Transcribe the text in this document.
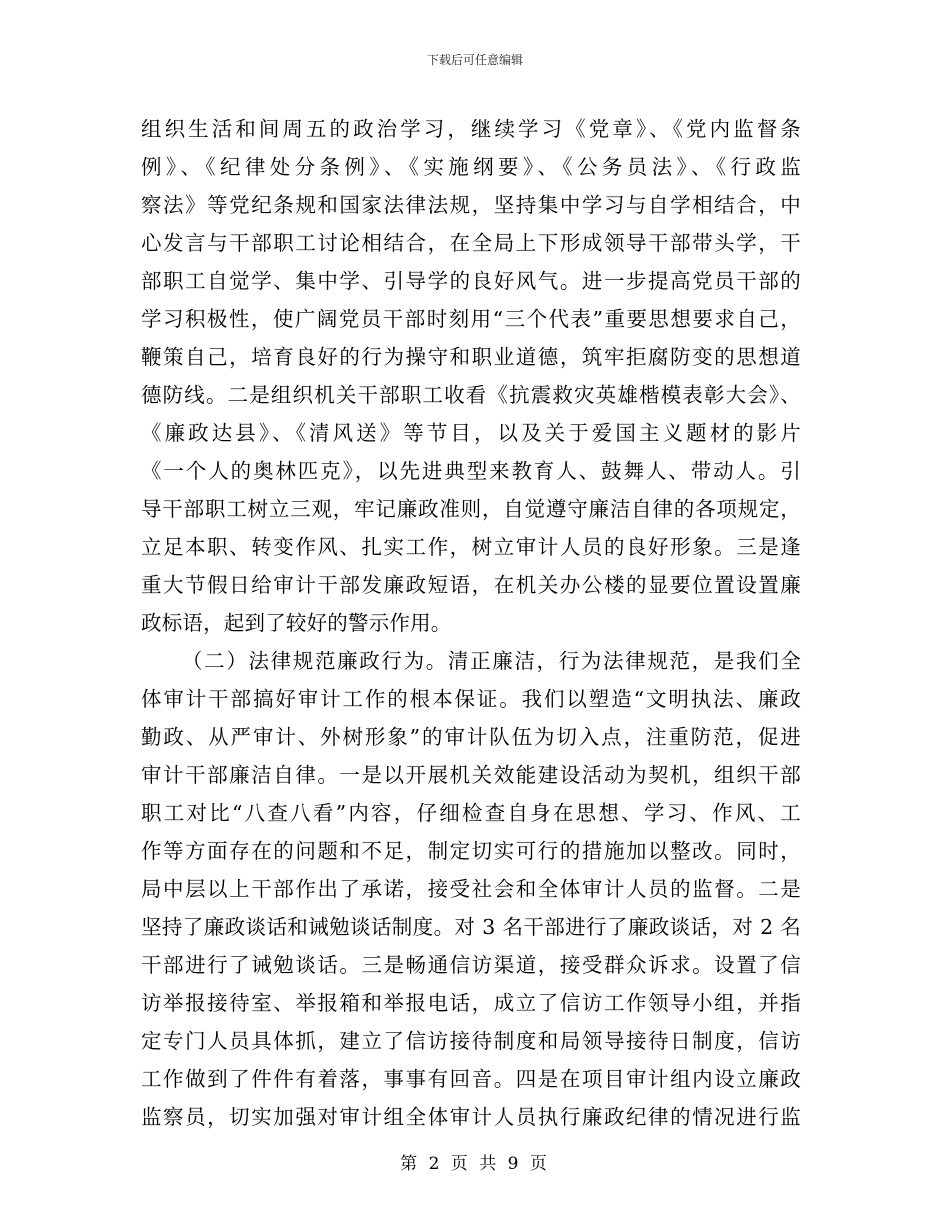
下载后可任意编辑
组织生活和间周五的政治学习，继续学习《党章》、《党内监督条
例》、《纪律处分条例》、《实施纲要》、《公务员法》、《行政监
察法》等党纪条规和国家法律法规，坚持集中学习与自学相结合，中
心发言与干部职工讨论相结合，在全局上下形成领导干部带头学，干
部职工自觉学、集中学、引导学的良好风气。进一步提高党员干部的
学习积极性，使广阔党员干部时刻用“三个代表”重要思想要求自己，
鞭策自己，培育良好的行为操守和职业道德，筑牢拒腐防变的思想道
德防线。二是组织机关干部职工收看《抗震救灾英雄楷模表彰大会》、
《廉政达县》、《清风送》等节目，以及关于爱国主义题材的影片
《一个人的奥林匹克》，以先进典型来教育人、鼓舞人、带动人。引
导干部职工树立三观，牢记廉政准则，自觉遵守廉洁自律的各项规定，
立足本职、转变作风、扎实工作，树立审计人员的良好形象。三是逢
重大节假日给审计干部发廉政短语，在机关办公楼的显要位置设置廉
政标语，起到了较好的警示作用。
（二）法律规范廉政行为。清正廉洁，行为法律规范，是我们全
体审计干部搞好审计工作的根本保证。我们以塑造“文明执法、廉政
勤政、从严审计、外树形象”的审计队伍为切入点，注重防范，促进
审计干部廉洁自律。一是以开展机关效能建设活动为契机，组织干部
职工对比“八查八看”内容，仔细检查自身在思想、学习、作风、工
作等方面存在的问题和不足，制定切实可行的措施加以整改。同时，
局中层以上干部作出了承诺，接受社会和全体审计人员的监督。二是
坚持了廉政谈话和诫勉谈话制度。对 3 名干部进行了廉政谈话，对 2 名
干部进行了诫勉谈话。三是畅通信访渠道，接受群众诉求。设置了信
访举报接待室、举报箱和举报电话，成立了信访工作领导小组，并指
定专门人员具体抓，建立了信访接待制度和局领导接待日制度，信访
工作做到了件件有着落，事事有回音。四是在项目审计组内设立廉政
监察员，切实加强对审计组全体审计人员执行廉政纪律的情况进行监
第 2 页 共 9 页
